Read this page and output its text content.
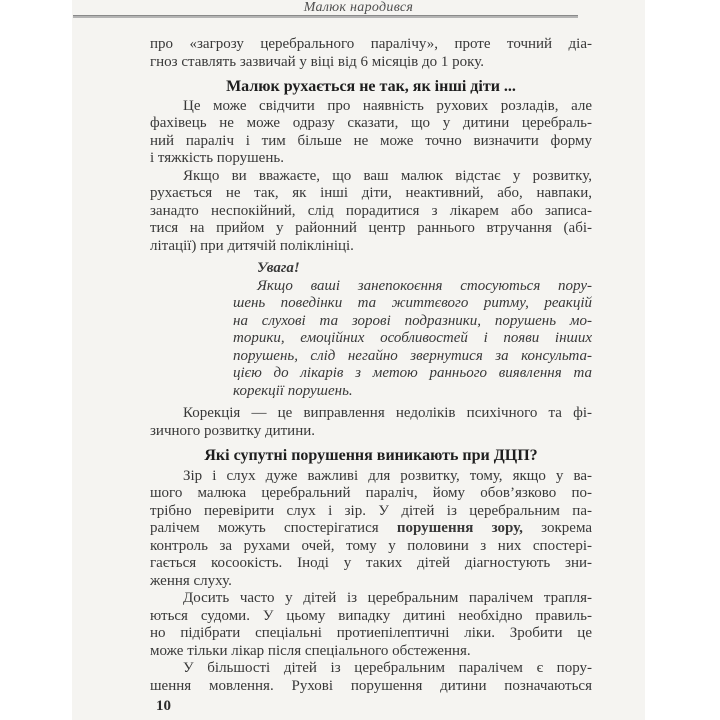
Малюк народився
про «загрозу церебрального паралічу», проте точний діа-
гноз ставлять зазвичай у віці від 6 місяців до 1 року.
Малюк рухається не так, як інші діти ...
Це може свідчити про наявність рухових розладів, але
фахівець не може одразу сказати, що у дитини церебраль-
ний параліч і тим більше не може точно визначити форму
і тяжкість порушень.
Якщо ви вважаєте, що ваш малюк відстає у розвитку,
рухається не так, як інші діти, неактивний, або, навпаки,
занадто неспокійний, слід порадитися з лікарем або записа-
тися на прийом у районний центр раннього втручання (абі-
літації) при дитячій поліклініці.
Увага!
Якщо ваші занепокоєння стосуються пору-
шень поведінки та життєвого ритму, реакцій
на слухові та зорові подразники, порушень мо-
торики, емоційних особливостей і появи інших
порушень, слід негайно звернутися за консульта-
цією до лікарів з метою раннього виявлення та
корекції порушень.
Корекція — це виправлення недоліків психічного та фі-
зичного розвитку дитини.
Які супутні порушення виникають при ДЦП?
Зір і слух дуже важливі для розвитку, тому, якщо у ва-
шого малюка церебральний параліч, йому обов’язково по-
трібно перевірити слух і зір. У дітей із церебральним па-
ралічем можуть спостерігатися порушення зору, зокрема
контроль за рухами очей, тому у половини з них спостері-
гається косоокість. Іноді у таких дітей діагностують зни-
ження слуху.
Досить часто у дітей із церебральним паралічем трапля-
ються судоми. У цьому випадку дитині необхідно правиль-
но підібрати спеціальні протиепілептичні ліки. Зробити це
може тільки лікар після спеціального обстеження.
У більшості дітей із церебральним паралічем є пору-
шення мовлення. Рухові порушення дитини позначаються
10
